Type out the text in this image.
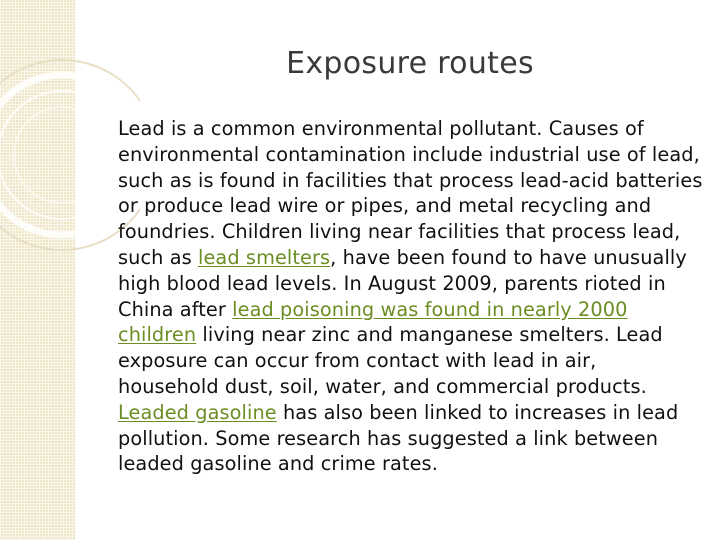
Exposure routes
Lead is a common environmental pollutant. Causes of environmental contamination include industrial use of lead, such as is found in facilities that process lead-acid batteries or produce lead wire or pipes, and metal recycling and foundries. Children living near facilities that process lead, such as lead smelters, have been found to have unusually high blood lead levels. In August 2009, parents rioted in China after lead poisoning was found in nearly 2000 children living near zinc and manganese smelters. Lead exposure can occur from contact with lead in air, household dust, soil, water, and commercial products. Leaded gasoline has also been linked to increases in lead pollution. Some research has suggested a link between leaded gasoline and crime rates.
